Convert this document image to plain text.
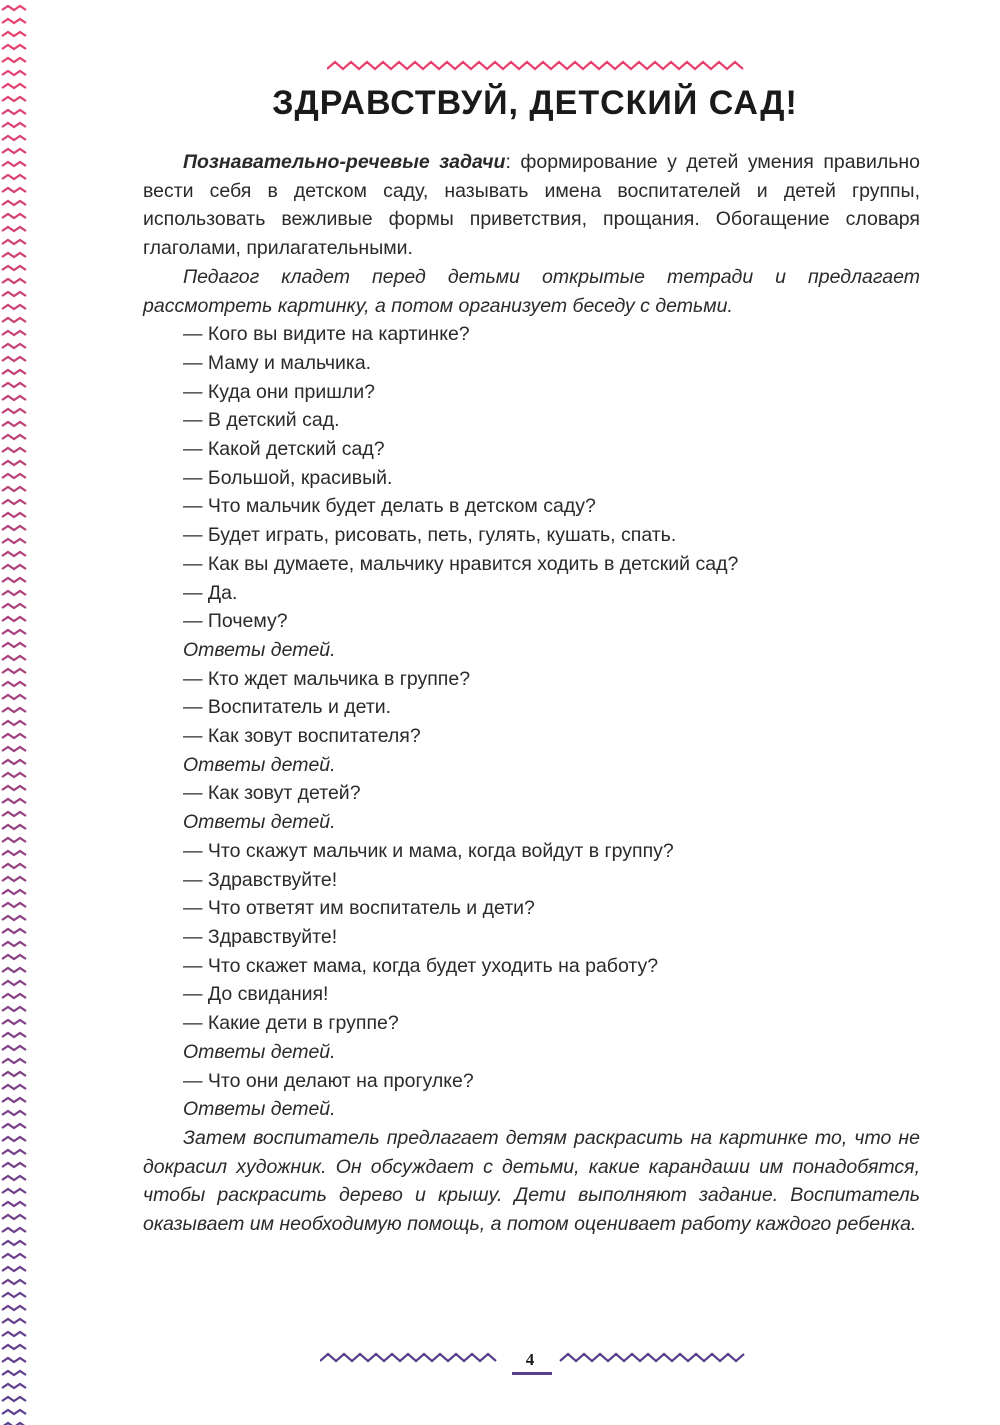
ЗДРАВСТВУЙ, ДЕТСКИЙ САД!

Познавательно-речевые задачи: формирование у детей умения правильно вести себя в детском саду, называть имена воспитателей и детей группы, использовать вежливые формы приветствия, прощания. Обогащение словаря глаголами, прилагательными.

Педагог кладет перед детьми открытые тетради и предлагает рассмотреть картинку, а потом организует беседу с детьми.

— Кого вы видите на картинке?
— Маму и мальчика.
— Куда они пришли?
— В детский сад.
— Какой детский сад?
— Большой, красивый.
— Что мальчик будет делать в детском саду?
— Будет играть, рисовать, петь, гулять, кушать, спать.
— Как вы думаете, мальчику нравится ходить в детский сад?
— Да.
— Почему?
Ответы детей.
— Кто ждет мальчика в группе?
— Воспитатель и дети.
— Как зовут воспитателя?
Ответы детей.
— Как зовут детей?
Ответы детей.
— Что скажут мальчик и мама, когда войдут в группу?
— Здравствуйте!
— Что ответят им воспитатель и дети?
— Здравствуйте!
— Что скажет мама, когда будет уходить на работу?
— До свидания!
— Какие дети в группе?
Ответы детей.
— Что они делают на прогулке?
Ответы детей.

Затем воспитатель предлагает детям раскрасить на картинке то, что не докрасил художник. Он обсуждает с детьми, какие карандаши им понадобятся, чтобы раскрасить дерево и крышу. Дети выполняют задание. Воспитатель оказывает им необходимую помощь, а потом оценивает работу каждого ребенка.

4
